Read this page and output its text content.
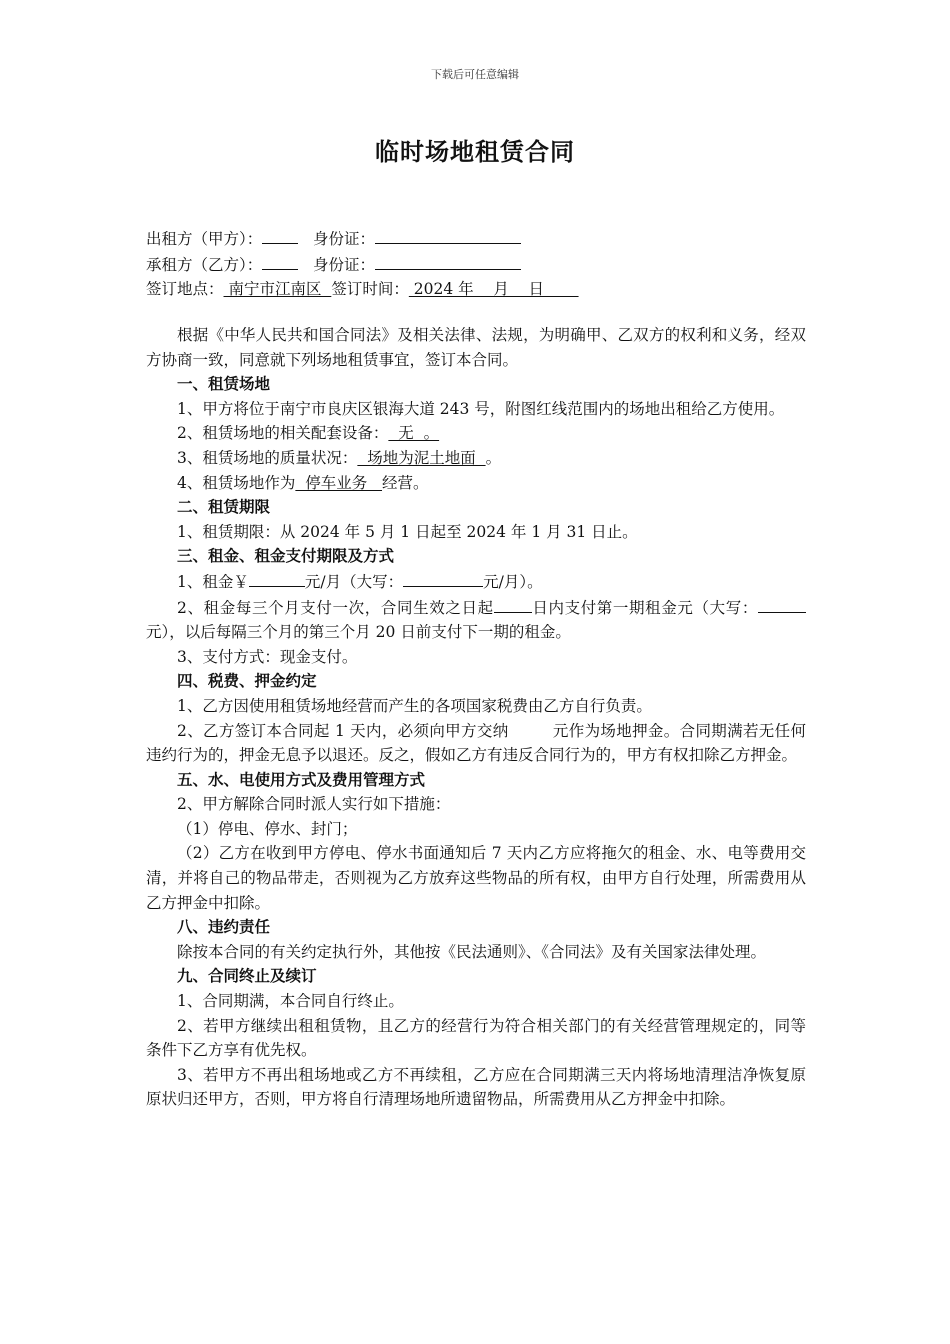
下载后可任意编辑
临时场地租赁合同
出租方（甲方）：	身份证：
承租方（乙方）：	身份证：
签订地点： 南宁市江南区  签订时间： 2024 年    月    日

根据《中华人民共和国合同法》及相关法律、法规，为明确甲、乙双方的权利和义务，经双方协商一致，同意就下列场地租赁事宜，签订本合同。

一、租赁场地

1、甲方将位于南宁市良庆区银海大道 243 号，附图红线范围内的场地出租给乙方使用。

2、租赁场地的相关配套设备：  无  。

3、租赁场地的质量状况：  场地为泥土地面  。

4、租赁场地作为  停车业务   经营。

二、租赁期限

1、租赁期限：从 2024 年 5 月 1 日起至 2024 年 1 月 31 日止。

三、租金、租金支付期限及方式

1、租金￥	元/月（大写：	元/月）。

2、租金每三个月支付一次，合同生效之日起 日内支付第一期租金元（大写：元），以后每隔三个月的第三个月 20 日前支付下一期的租金。

3、支付方式：现金支付。

四、税费、押金约定

1、乙方因使用租赁场地经营而产生的各项国家税费由乙方自行负责。

2、乙方签订本合同起 1 天内，必须向甲方交纳	元作为场地押金。合同期满若无任何违约行为的，押金无息予以退还。反之，假如乙方有违反合同行为的，甲方有权扣除乙方押金。

五、水、电使用方式及费用管理方式

2、甲方解除合同时派人实行如下措施：

（1）停电、停水、封门；

（2）乙方在收到甲方停电、停水书面通知后 7 天内乙方应将拖欠的租金、水、电等费用交清，并将自己的物品带走，否则视为乙方放弃这些物品的所有权，由甲方自行处理，所需费用从乙方押金中扣除。

八、违约责任

除按本合同的有关约定执行外，其他按《民法通则》、《合同法》及有关国家法律处理。

九、合同终止及续订

1、合同期满，本合同自行终止。

2、若甲方继续出租租赁物，且乙方的经营行为符合相关部门的有关经营管理规定的，同等条件下乙方享有优先权。

3、若甲方不再出租场地或乙方不再续租，乙方应在合同期满三天内将场地清理洁净恢复原原状归还甲方，否则，甲方将自行清理场地所遗留物品，所需费用从乙方押金中扣除。
